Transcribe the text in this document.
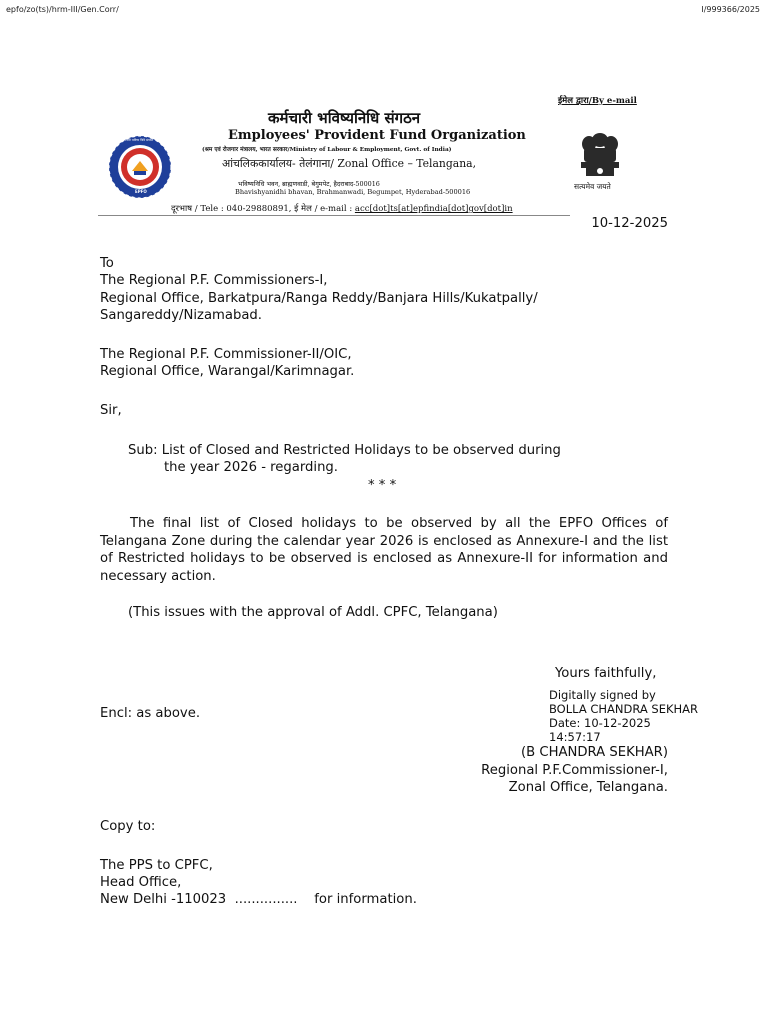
epfo/zo(ts)/hrm-III/Gen.Corr/	I/999366/2025
ईमेल द्वारा/By e-mail
कर्मचारी भविष्य निधि संगठन
EPFO
कर्मचारी भविष्यनिधि संगठन
Employees' Provident Fund Organization
(श्रम एवं रोजगार मंत्रालय, भारत सरकार/Ministry of Labour & Employment, Govt. of India)
आंचलिककार्यालय- तेलंगाना/ Zonal Office – Telangana,
भविष्यनिधि भवन, ब्राह्मणवाडी, बेगुमपेट, हैदराबाद-500016
Bhavishyanidhi bhavan, Brahmanwadi, Begumpet, Hyderabad-500016
सत्यमेव जयते
दूरभाष / Tele : 040-29880891, ई मेल / e-mail : acc[dot]ts[at]epfindia[dot]gov[dot]in
10-12-2025
To
The Regional P.F. Commissioners-I,
Regional Office, Barkatpura/Ranga Reddy/Banjara Hills/Kukatpally/
Sangareddy/Nizamabad.
The Regional P.F. Commissioner-II/OIC,
Regional Office, Warangal/Karimnagar.
Sir,
Sub: List of Closed and Restricted Holidays to be observed during
the year 2026 - regarding.
* * *
The final list of Closed holidays to be observed by all the EPFO Offices of Telangana Zone during the calendar year 2026 is enclosed as Annexure-I and the list of Restricted holidays to be observed is enclosed as Annexure-II for information and necessary action.
(This issues with the approval of Addl. CPFC, Telangana)
Yours faithfully,
Digitally signed by
BOLLA CHANDRA SEKHAR
Date: 10-12-2025
14:57:17
Encl: as above.
(B CHANDRA SEKHAR)
Regional P.F.Commissioner-I,
Zonal Office, Telangana.
Copy to:
The PPS to CPFC,
Head Office,
New Delhi -110023 ............... for information.
